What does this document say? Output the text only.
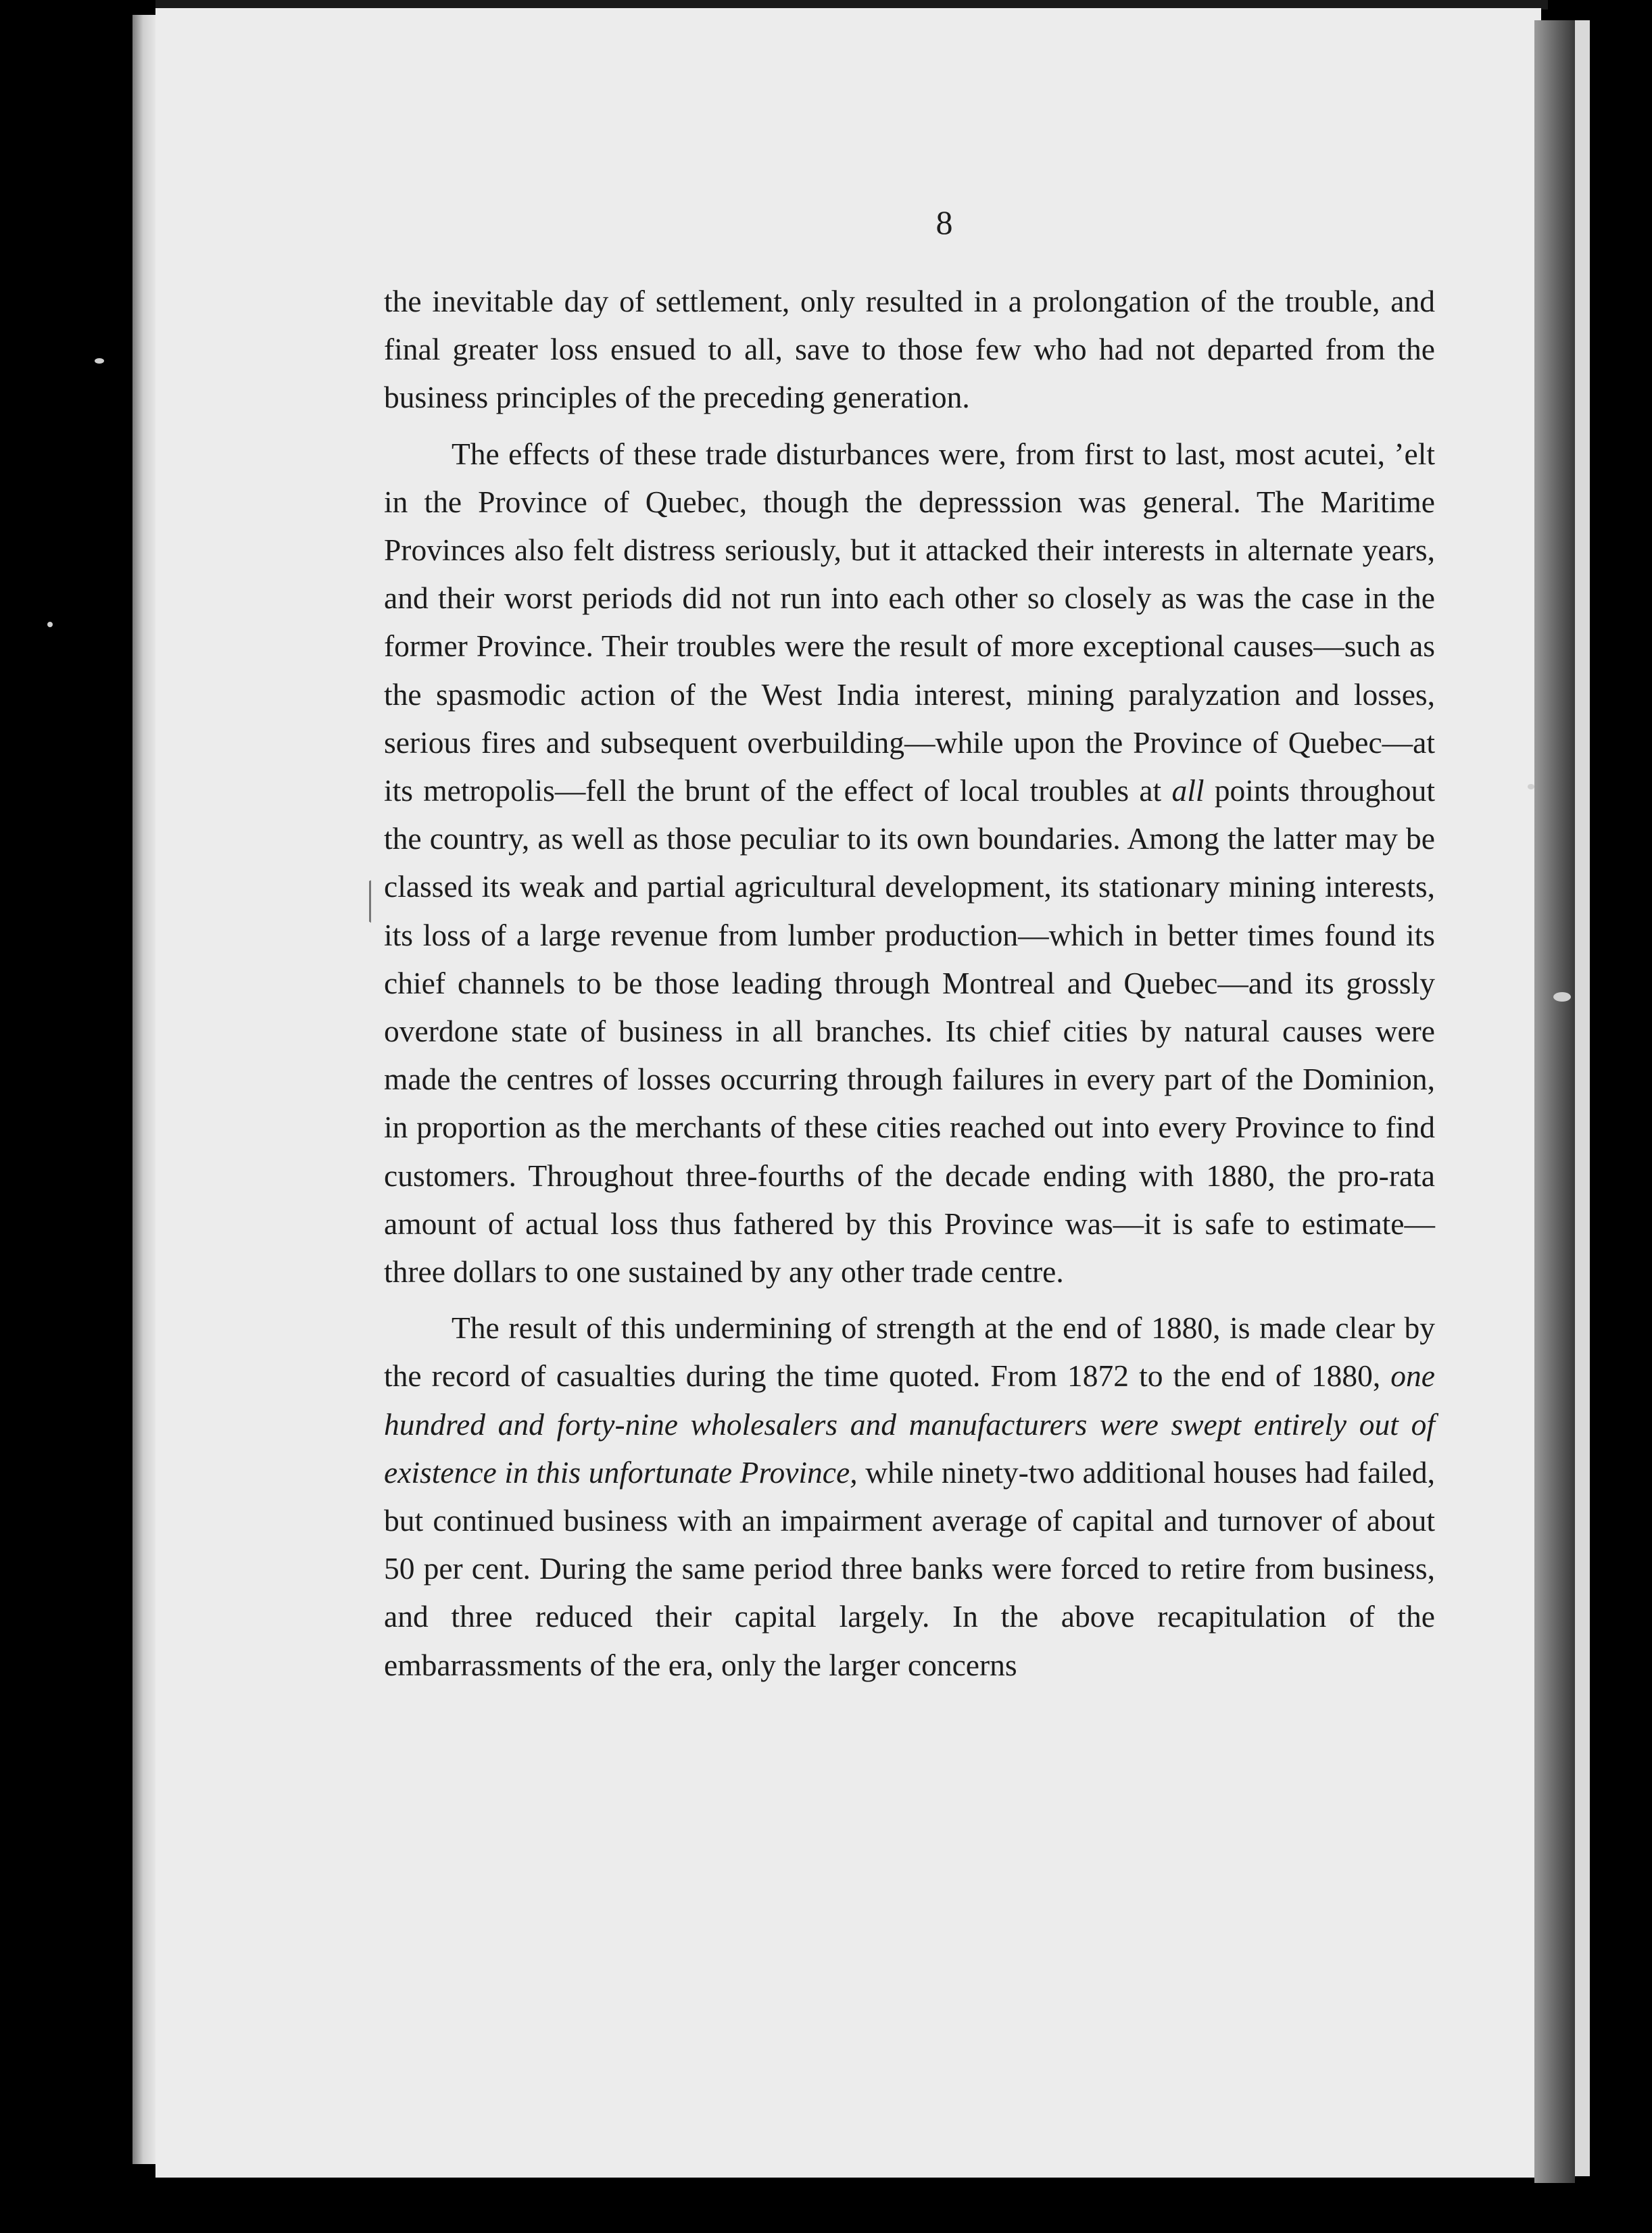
8

the inevitable day of settlement, only resulted in a prolongation of the trouble, and final greater loss ensued to all, save to those few who had not departed from the business principles of the preceding generation.

The effects of these trade disturbances were, from first to last, most acutei, ʼelt in the Province of Quebec, though the depresssion was general. The Maritime Provinces also felt distress seriously, but it attacked their interests in alternate years, and their worst periods did not run into each other so closely as was the case in the former Province. Their troubles were the result of more exceptional causes—such as the spasmodic action of the West India interest, mining paralyzation and losses, serious fires and subsequent overbuilding—while upon the Province of Quebec—at its metropolis—fell the brunt of the effect of local troubles at all points throughout the country, as well as those peculiar to its own boundaries. Among the latter may be classed its weak and partial agricultural development, its stationary mining interests, its loss of a large revenue from lumber production—which in better times found its chief channels to be those leading through Montreal and Quebec—and its grossly overdone state of business in all branches. Its chief cities by natural causes were made the centres of losses occurring through failures in every part of the Dominion, in proportion as the merchants of these cities reached out into every Province to find customers. Throughout three-fourths of the decade ending with 1880, the pro-rata amount of actual loss thus fathered by this Province was—it is safe to estimate—three dollars to one sustained by any other trade centre.

The result of this undermining of strength at the end of 1880, is made clear by the record of casualties during the time quoted. From 1872 to the end of 1880, one hundred and forty-nine wholesalers and manufacturers were swept entirely out of existence in this unfortunate Province, while ninety-two additional houses had failed, but continued business with an impairment average of capital and turnover of about 50 per cent. During the same period three banks were forced to retire from business, and three reduced their capital largely. In the above recapitulation of the embarrassments of the era, only the larger concerns
